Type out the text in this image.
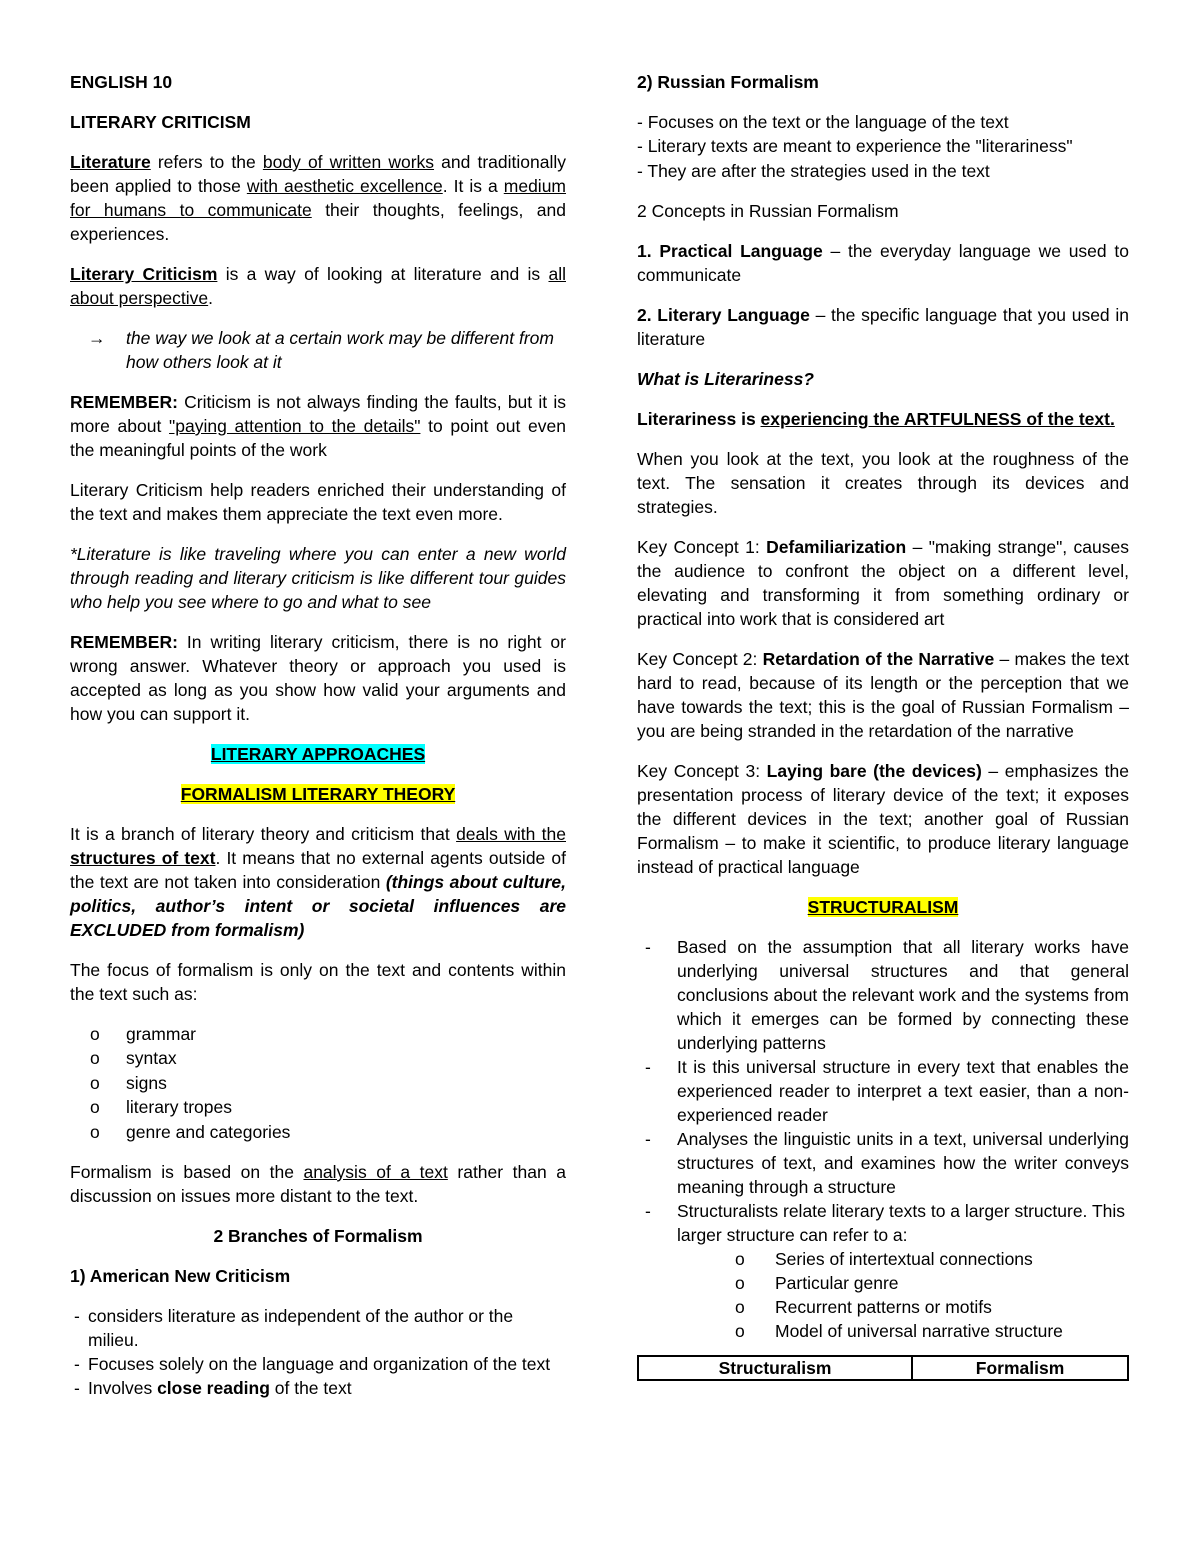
ENGLISH 10

LITERARY CRITICISM

Literature refers to the body of written works and traditionally been applied to those with aesthetic excellence. It is a medium for humans to communicate their thoughts, feelings, and experiences.

Literary Criticism is a way of looking at literature and is all about perspective.

→	the way we look at a certain work may be different from how others look at it

REMEMBER: Criticism is not always finding the faults, but it is more about "paying attention to the details" to point out even the meaningful points of the work

Literary Criticism help readers enriched their understanding of the text and makes them appreciate the text even more.

*Literature is like traveling where you can enter a new world through reading and literary criticism is like different tour guides who help you see where to go and what to see

REMEMBER: In writing literary criticism, there is no right or wrong answer. Whatever theory or approach you used is accepted as long as you show how valid your arguments and how you can support it.

LITERARY APPROACHES

FORMALISM LITERARY THEORY

It is a branch of literary theory and criticism that deals with the structures of text. It means that no external agents outside of the text are not taken into consideration (things about culture, politics, author’s intent or societal influences are EXCLUDED from formalism)

The focus of formalism is only on the text and contents within the text such as:

o	grammar
o	syntax
o	signs
o	literary tropes
o	genre and categories

Formalism is based on the analysis of a text rather than a discussion on issues more distant to the text.

2 Branches of Formalism

1) American New Criticism

- considers literature as independent of the author or the milieu.
- Focuses solely on the language and organization of the text
- Involves close reading of the text

2) Russian Formalism

- Focuses on the text or the language of the text
- Literary texts are meant to experience the "literariness"
- They are after the strategies used in the text

2 Concepts in Russian Formalism

1. Practical Language – the everyday language we used to communicate

2. Literary Language – the specific language that you used in literature

What is Literariness?

Literariness is experiencing the ARTFULNESS of the text.

When you look at the text, you look at the roughness of the text. The sensation it creates through its devices and strategies.

Key Concept 1: Defamiliarization – "making strange", causes the audience to confront the object on a different level, elevating and transforming it from something ordinary or practical into work that is considered art

Key Concept 2: Retardation of the Narrative – makes the text hard to read, because of its length or the perception that we have towards the text; this is the goal of Russian Formalism – you are being stranded in the retardation of the narrative

Key Concept 3: Laying bare (the devices) – emphasizes the presentation process of literary device of the text; it exposes the different devices in the text; another goal of Russian Formalism – to make it scientific, to produce literary language instead of practical language

STRUCTURALISM

-	Based on the assumption that all literary works have underlying universal structures and that general conclusions about the relevant work and the systems from which it emerges can be formed by connecting these underlying patterns
-	It is this universal structure in every text that enables the experienced reader to interpret a text easier, than a non-experienced reader
-	Analyses the linguistic units in a text, universal underlying structures of text, and examines how the writer conveys meaning through a structure
-	Structuralists relate literary texts to a larger structure. This larger structure can refer to a:
o	Series of intertextual connections
o	Particular genre
o	Recurrent patterns or motifs
o	Model of universal narrative structure
Structuralism	Formalism
